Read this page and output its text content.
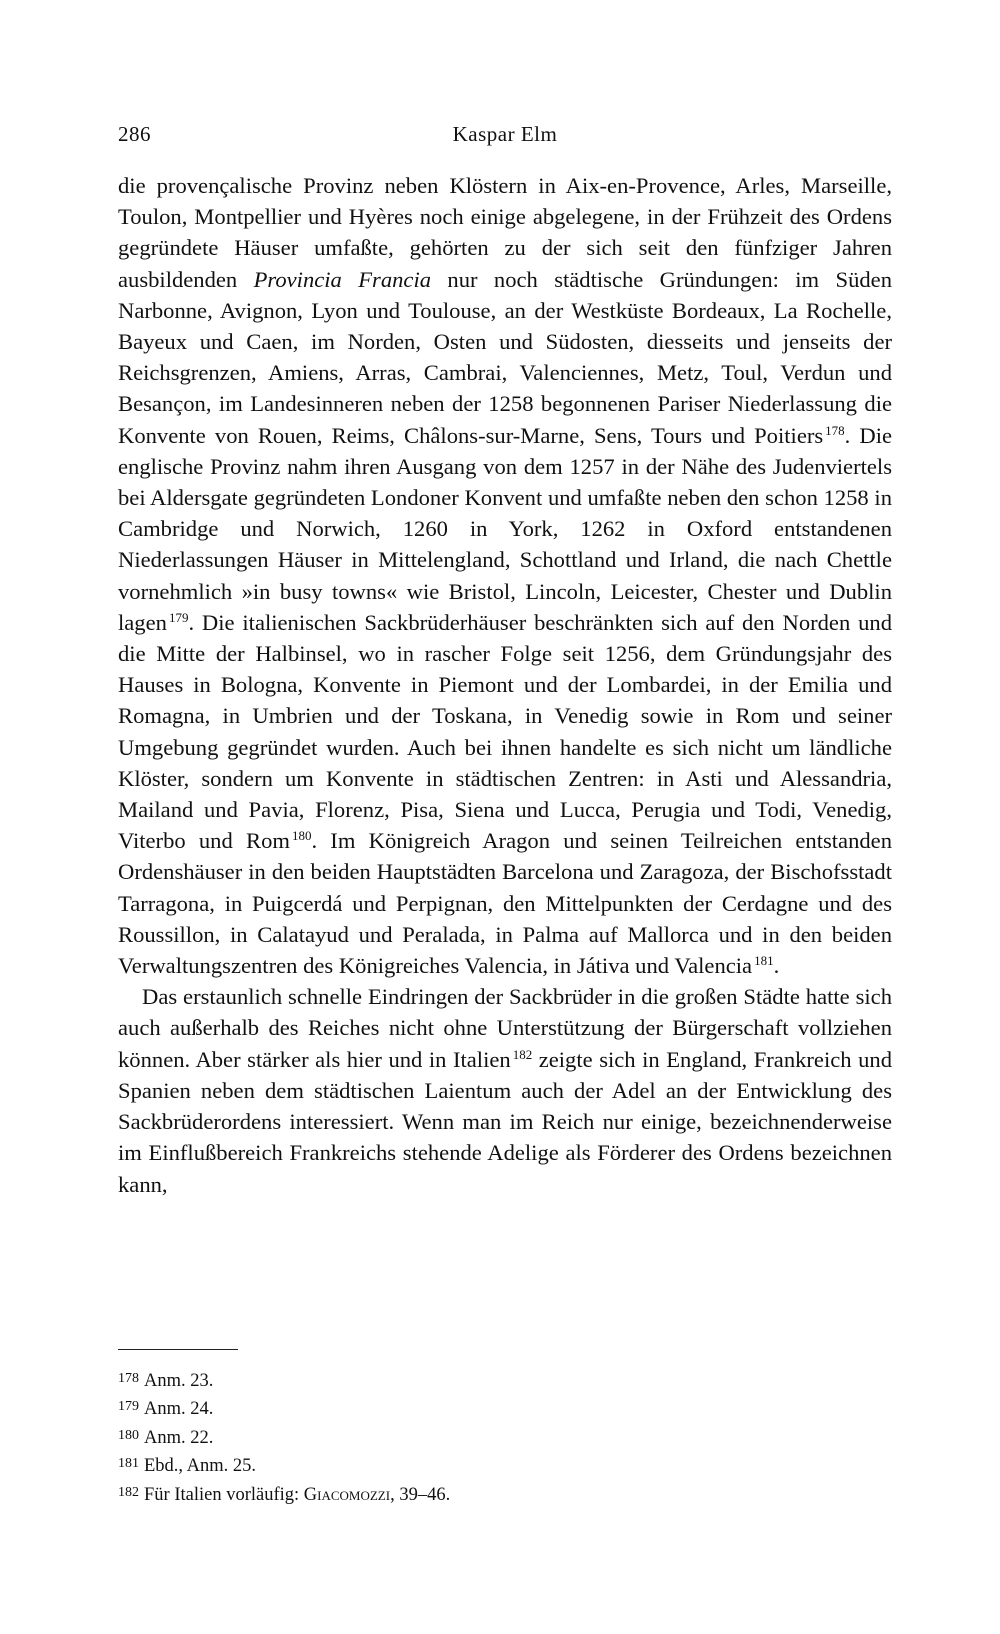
286	Kaspar Elm

die provençalische Provinz neben Klöstern in Aix-en-Provence, Arles, Marseille, Toulon, Montpellier und Hyères noch einige abgelegene, in der Frühzeit des Ordens gegründete Häuser umfaßte, gehörten zu der sich seit den fünfziger Jahren ausbildenden Provincia Francia nur noch städtische Gründungen: im Süden Narbonne, Avignon, Lyon und Toulouse, an der Westküste Bordeaux, La Rochelle, Bayeux und Caen, im Norden, Osten und Südosten, diesseits und jenseits der Reichsgrenzen, Amiens, Arras, Cambrai, Valenciennes, Metz, Toul, Verdun und Besançon, im Landesinneren neben der 1258 begonnenen Pariser Niederlassung die Konvente von Rouen, Reims, Châlons-sur-Marne, Sens, Tours und Poitiers $^{178}$. Die englische Provinz nahm ihren Ausgang von dem 1257 in der Nähe des Judenviertels bei Aldersgate gegründeten Londoner Konvent und umfaßte neben den schon 1258 in Cambridge und Norwich, 1260 in York, 1262 in Oxford entstandenen Niederlassungen Häuser in Mittelengland, Schottland und Irland, die nach Chettle vornehmlich »in busy towns« wie Bristol, Lincoln, Leicester, Chester und Dublin lagen $^{179}$. Die italienischen Sackbrüderhäuser beschränkten sich auf den Norden und die Mitte der Halbinsel, wo in rascher Folge seit 1256, dem Gründungsjahr des Hauses in Bologna, Konvente in Piemont und der Lombardei, in der Emilia und Romagna, in Umbrien und der Toskana, in Venedig sowie in Rom und seiner Umgebung gegründet wurden. Auch bei ihnen handelte es sich nicht um ländliche Klöster, sondern um Konvente in städtischen Zentren: in Asti und Alessandria, Mailand und Pavia, Florenz, Pisa, Siena und Lucca, Perugia und Todi, Venedig, Viterbo und Rom $^{180}$. Im Königreich Aragon und seinen Teilreichen entstanden Ordenshäuser in den beiden Hauptstädten Barcelona und Zaragoza, der Bischofsstadt Tarragona, in Puigcerdá und Perpignan, den Mittelpunkten der Cerdagne und des Roussillon, in Calatayud und Peralada, in Palma auf Mallorca und in den beiden Verwaltungszentren des Königreiches Valencia, in Játiva und Valencia $^{181}$.

Das erstaunlich schnelle Eindringen der Sackbrüder in die großen Städte hatte sich auch außerhalb des Reiches nicht ohne Unterstützung der Bürgerschaft vollziehen können. Aber stärker als hier und in Italien $^{182}$ zeigte sich in England, Frankreich und Spanien neben dem städtischen Laientum auch der Adel an der Entwicklung des Sackbrüderordens interessiert. Wenn man im Reich nur einige, bezeichnenderweise im Einflußbereich Frankreichs stehende Adelige als Förderer des Ordens bezeichnen kann,

178 Anm. 23.
179 Anm. 24.
180 Anm. 22.
181 Ebd., Anm. 25.
182 Für Italien vorläufig: Giacomozzi, 39–46.
